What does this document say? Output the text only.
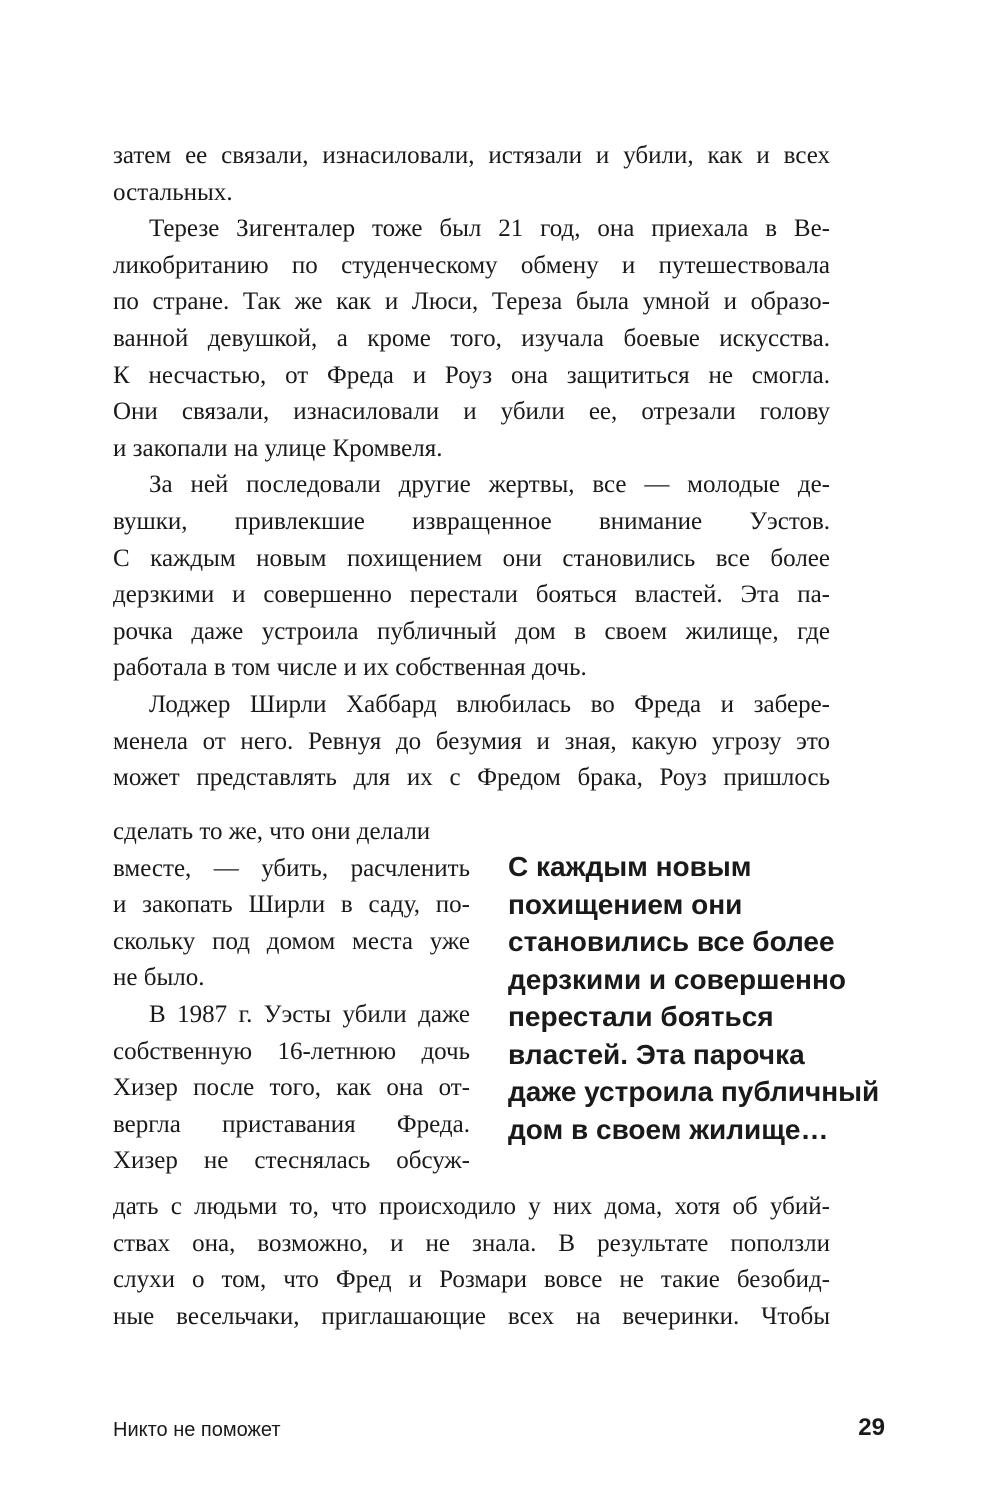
затем ее связали, изнасиловали, истязали и убили, как и всех
остальных.
Терезе Зигенталер тоже был 21 год, она приехала в Ве-
ликобританию по студенческому обмену и путешествовала
по стране. Так же как и Люси, Тереза была умной и образо-
ванной девушкой, а кроме того, изучала боевые искусства.
К несчастью, от Фреда и Роуз она защититься не смогла.
Они связали, изнасиловали и убили ее, отрезали голову
и закопали на улице Кромвеля.
За ней последовали другие жертвы, все — молодые де-
вушки, привлекшие извращенное внимание Уэстов.
С каждым новым похищением они становились все более
дерзкими и совершенно перестали бояться властей. Эта па-
рочка даже устроила публичный дом в своем жилище, где
работала в том числе и их собственная дочь.
Лоджер Ширли Хаббард влюбилась во Фреда и забере-
менела от него. Ревнуя до безумия и зная, какую угрозу это
может представлять для их с Фредом брака, Роуз пришлось
сделать то же, что они делали
вместе, — убить, расчленить
и закопать Ширли в саду, по-
скольку под домом места уже
не было.
В 1987 г. Уэсты убили даже
собственную 16-летнюю дочь
Хизер после того, как она от-
вергла приставания Фреда.
Хизер не стеснялась обсуж-
С каждым новым
похищением они
становились все более
дерзкими и совершенно
перестали бояться
властей. Эта парочка
даже устроила публичный
дом в своем жилище…
дать с людьми то, что происходило у них дома, хотя об убий-
ствах она, возможно, и не знала. В результате поползли
слухи о том, что Фред и Розмари вовсе не такие безобид-
ные весельчаки, приглашающие всех на вечеринки. Чтобы
Никто не поможет	29
